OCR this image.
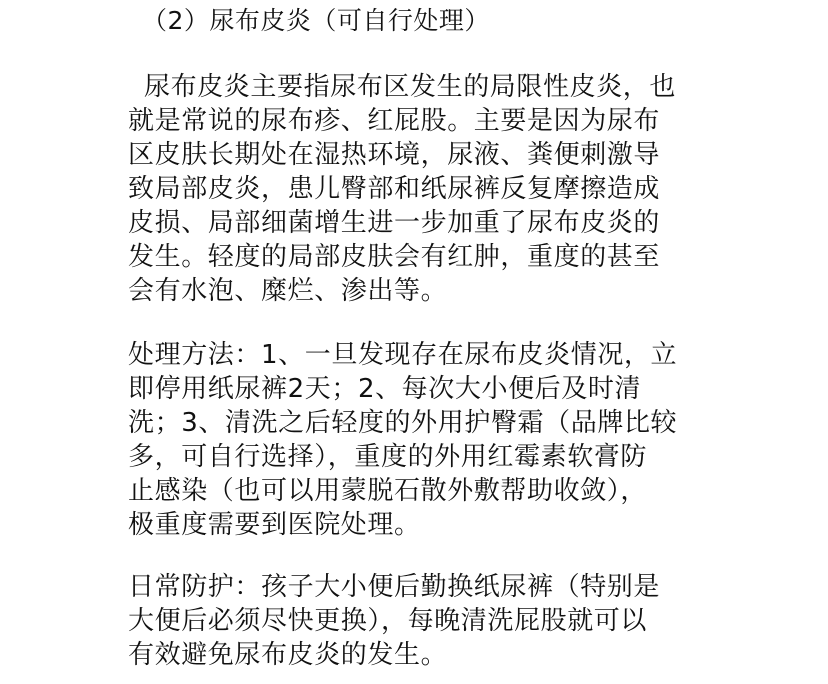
（2）尿布皮炎（可自行处理）
尿布皮炎主要指尿布区发生的局限性皮炎，也
就是常说的尿布疹、红屁股。主要是因为尿布
区皮肤长期处在湿热环境，尿液、粪便刺激导
致局部皮炎，患儿臀部和纸尿裤反复摩擦造成
皮损、局部细菌增生进一步加重了尿布皮炎的
发生。轻度的局部皮肤会有红肿，重度的甚至
会有水泡、糜烂、渗出等。
处理方法：1、一旦发现存在尿布皮炎情况，立
即停用纸尿裤2天；2、每次大小便后及时清
洗；3、清洗之后轻度的外用护臀霜（品牌比较
多，可自行选择），重度的外用红霉素软膏防
止感染（也可以用蒙脱石散外敷帮助收敛），
极重度需要到医院处理。
日常防护：孩子大小便后勤换纸尿裤（特别是
大便后必须尽快更换），每晚清洗屁股就可以
有效避免尿布皮炎的发生。
